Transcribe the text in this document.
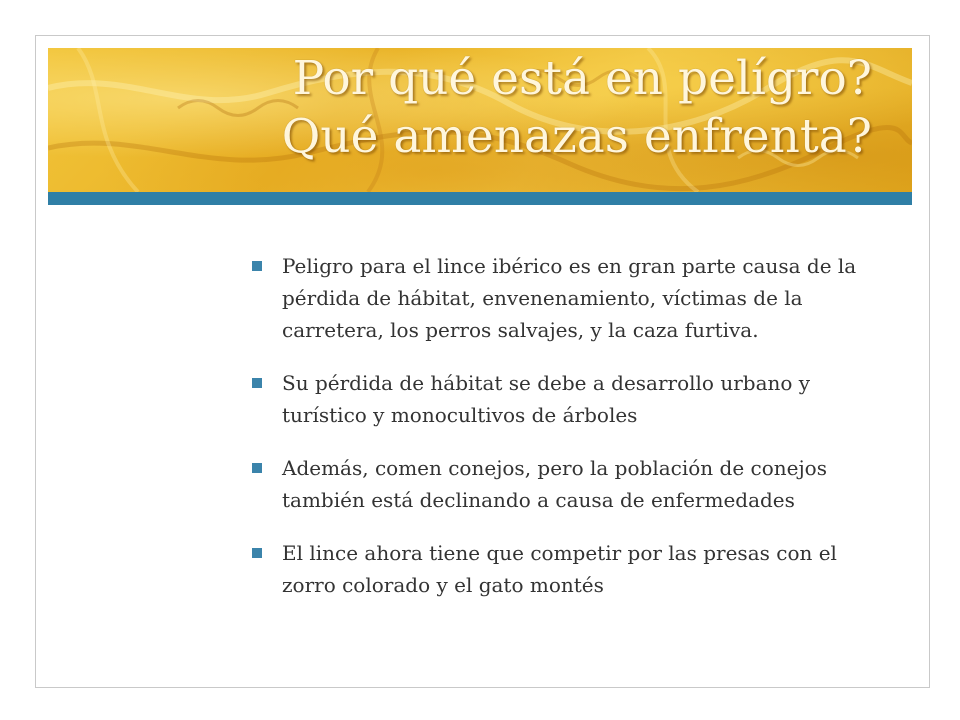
Por qué está en pelígro?
Qué amenazas enfrenta?
Peligro para el lince ibérico es en gran parte causa de la pérdida de hábitat, envenenamiento, víctimas de la carretera, los perros salvajes, y la caza furtiva.
Su pérdida de hábitat se debe a desarrollo urbano y turístico y monocultivos de árboles
Además, comen conejos, pero la población de conejos también está declinando a causa de enfermedades
El lince ahora tiene que competir por las presas con el zorro colorado y el gato montés
